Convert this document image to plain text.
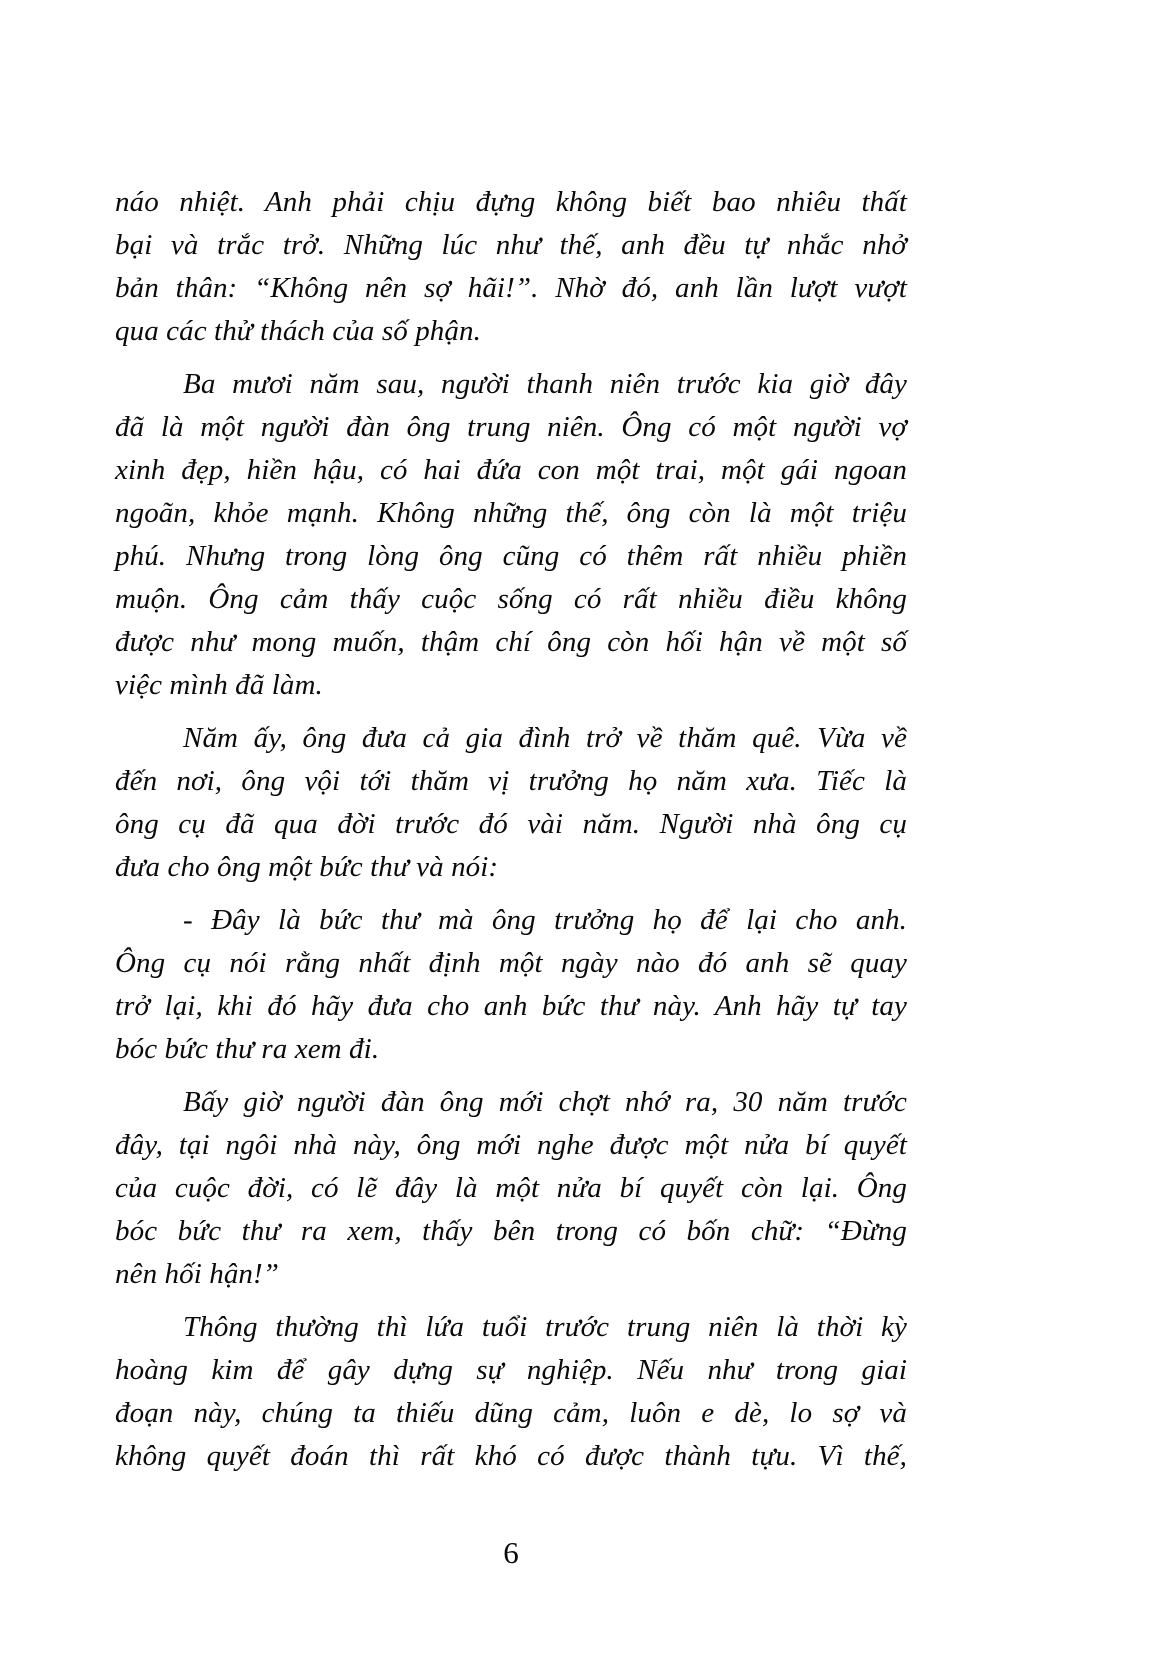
náo nhiệt. Anh phải chịu đựng không biết bao nhiêu thất
bại và trắc trở. Những lúc như thế, anh đều tự nhắc nhở
bản thân: “Không nên sợ hãi!”. Nhờ đó, anh lần lượt vượt
qua các thử thách của số phận.
Ba mươi năm sau, người thanh niên trước kia giờ đây
đã là một người đàn ông trung niên. Ông có một người vợ
xinh đẹp, hiền hậu, có hai đứa con một trai, một gái ngoan
ngoãn, khỏe mạnh. Không những thế, ông còn là một triệu
phú. Nhưng trong lòng ông cũng có thêm rất nhiều phiền
muộn. Ông cảm thấy cuộc sống có rất nhiều điều không
được như mong muốn, thậm chí ông còn hối hận về một số
việc mình đã làm.
Năm ấy, ông đưa cả gia đình trở về thăm quê. Vừa về
đến nơi, ông vội tới thăm vị trưởng họ năm xưa. Tiếc là
ông cụ đã qua đời trước đó vài năm. Người nhà ông cụ
đưa cho ông một bức thư và nói:
- Đây là bức thư mà ông trưởng họ để lại cho anh.
Ông cụ nói rằng nhất định một ngày nào đó anh sẽ quay
trở lại, khi đó hãy đưa cho anh bức thư này. Anh hãy tự tay
bóc bức thư ra xem đi.
Bấy giờ người đàn ông mới chợt nhớ ra, 30 năm trước
đây, tại ngôi nhà này, ông mới nghe được một nửa bí quyết
của cuộc đời, có lẽ đây là một nửa bí quyết còn lại. Ông
bóc bức thư ra xem, thấy bên trong có bốn chữ: “Đừng
nên hối hận!”
Thông thường thì lứa tuổi trước trung niên là thời kỳ
hoàng kim để gây dựng sự nghiệp. Nếu như trong giai
đoạn này, chúng ta thiếu dũng cảm, luôn e dè, lo sợ và
không quyết đoán thì rất khó có được thành tựu. Vì thế,
6
